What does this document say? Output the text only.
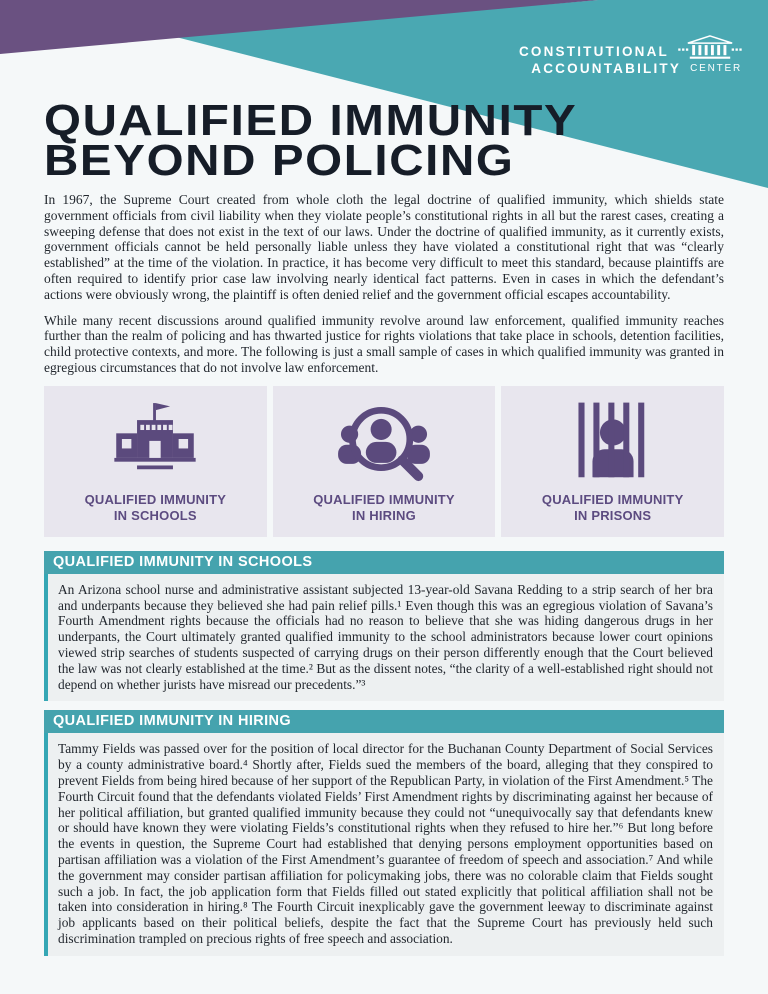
CONSTITUTIONAL
ACCOUNTABILITY CENTER
QUALIFIED IMMUNITY
BEYOND POLICING

In 1967, the Supreme Court created from whole cloth the legal doctrine of qualified immunity, which shields state government officials from civil liability when they violate people’s constitutional rights in all but the rarest cases, creating a sweeping defense that does not exist in the text of our laws. Under the doctrine of qualified immunity, as it currently exists, government officials cannot be held personally liable unless they have violated a constitutional right that was “clearly established” at the time of the violation. In practice, it has become very difficult to meet this standard, because plaintiffs are often required to identify prior case law involving nearly identical fact patterns. Even in cases in which the defendant’s actions were obviously wrong, the plaintiff is often denied relief and the government official escapes accountability.

While many recent discussions around qualified immunity revolve around law enforcement, qualified immunity reaches further than the realm of policing and has thwarted justice for rights violations that take place in schools, detention facilities, child protective contexts, and more. The following is just a small sample of cases in which qualified immunity was granted in egregious circumstances that do not involve law enforcement.

QUALIFIED IMMUNITY
IN SCHOOLS
QUALIFIED IMMUNITY
IN HIRING
QUALIFIED IMMUNITY
IN PRISONS
QUALIFIED IMMUNITY IN SCHOOLS
An Arizona school nurse and administrative assistant subjected 13-year-old Savana Redding to a strip search of her bra and underpants because they believed she had pain relief pills.¹ Even though this was an egregious violation of Savana’s Fourth Amendment rights because the officials had no reason to believe that she was hiding dangerous drugs in her underpants, the Court ultimately granted qualified immunity to the school administrators because lower court opinions viewed strip searches of students suspected of carrying drugs on their person differently enough that the Court believed the law was not clearly established at the time.² But as the dissent notes, “the clarity of a well-established right should not depend on whether jurists have misread our precedents.”³
QUALIFIED IMMUNITY IN HIRING
Tammy Fields was passed over for the position of local director for the Buchanan County Department of Social Services by a county administrative board.⁴ Shortly after, Fields sued the members of the board, alleging that they conspired to prevent Fields from being hired because of her support of the Republican Party, in violation of the First Amendment.⁵ The Fourth Circuit found that the defendants violated Fields’ First Amendment rights by discriminating against her because of her political affiliation, but granted qualified immunity because they could not “unequivocally say that defendants knew or should have known they were violating Fields’s constitutional rights when they refused to hire her.”⁶ But long before the events in question, the Supreme Court had established that denying persons employment opportunities based on partisan affiliation was a violation of the First Amendment’s guarantee of freedom of speech and association.⁷ And while the government may consider partisan affiliation for policymaking jobs, there was no colorable claim that Fields sought such a job. In fact, the job application form that Fields filled out stated explicitly that political affiliation shall not be taken into consideration in hiring.⁸ The Fourth Circuit inexplicably gave the government leeway to discriminate against job applicants based on their political beliefs, despite the fact that the Supreme Court has previously held such discrimination trampled on precious rights of free speech and association.
